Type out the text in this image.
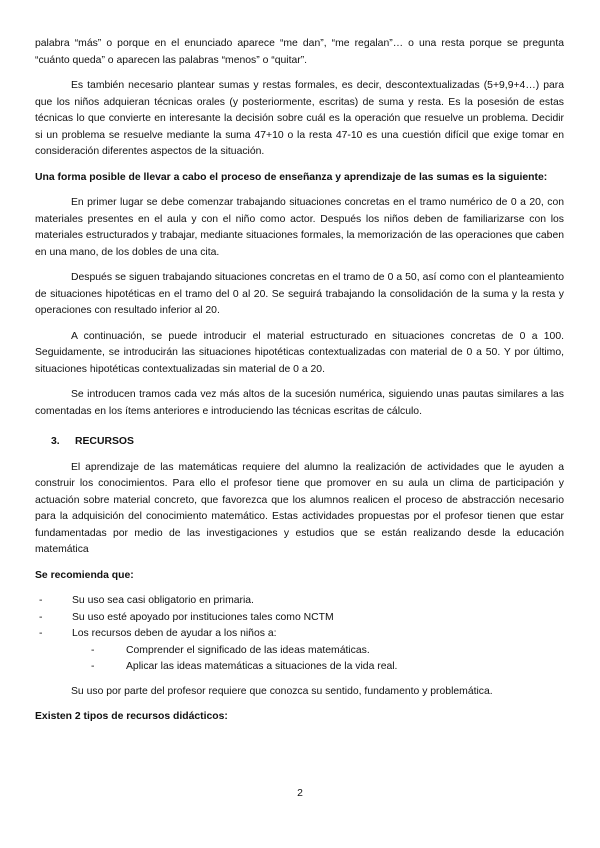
palabra “más” o porque en el enunciado aparece “me dan”, “me regalan”… o una resta porque se pregunta “cuánto queda” o aparecen las palabras “menos” o “quitar”.

Es también necesario plantear sumas y restas formales, es decir, descontextualizadas (5+9,9+4…) para que los niños adquieran técnicas orales (y posteriormente, escritas) de suma y resta. Es la posesión de estas técnicas lo que convierte en interesante la decisión sobre cuál es la operación que resuelve un problema. Decidir si un problema se resuelve mediante la suma 47+10 o la resta 47-10 es una cuestión difícil que exige tomar en consideración diferentes aspectos de la situación.

Una forma posible de llevar a cabo el proceso de enseñanza y aprendizaje de las sumas es la siguiente:

En primer lugar se debe comenzar trabajando situaciones concretas en el tramo numérico de 0 a 20, con materiales presentes en el aula y con el niño como actor. Después los niños deben de familiarizarse con los materiales estructurados y trabajar, mediante situaciones formales, la memorización de las operaciones que caben en una mano, de los dobles de una cita.

Después se siguen trabajando situaciones concretas en el tramo de 0 a 50, así como con el planteamiento de situaciones hipotéticas en el tramo del 0 al 20. Se seguirá trabajando la consolidación de la suma y la resta y operaciones con resultado inferior al 20.

A continuación, se puede introducir el material estructurado en situaciones concretas de 0 a 100. Seguidamente, se introducirán las situaciones hipotéticas contextualizadas con material de 0 a 50. Y por último, situaciones hipotéticas contextualizadas sin material de 0 a 20.

Se introducen tramos cada vez más altos de la sucesión numérica, siguiendo unas pautas similares a las comentadas en los ítems anteriores e introduciendo las técnicas escritas de cálculo.

3. RECURSOS

El aprendizaje de las matemáticas requiere del alumno la realización de actividades que le ayuden a construir los conocimientos. Para ello el profesor tiene que promover en su aula un clima de participación y actuación sobre material concreto, que favorezca que los alumnos realicen el proceso de abstracción necesario para la adquisición del conocimiento matemático. Estas actividades propuestas por el profesor tienen que estar fundamentadas por medio de las investigaciones y estudios que se están realizando desde la educación matemática

Se recomienda que:

-	Su uso sea casi obligatorio en primaria.
-	Su uso esté apoyado por instituciones tales como NCTM
-	Los recursos deben de ayudar a los niños a:
-	Comprender el significado de las ideas matemáticas.
-	Aplicar las ideas matemáticas a situaciones de la vida real.

Su uso por parte del profesor requiere que conozca su sentido, fundamento y problemática.

Existen 2 tipos de recursos didácticos:

2
